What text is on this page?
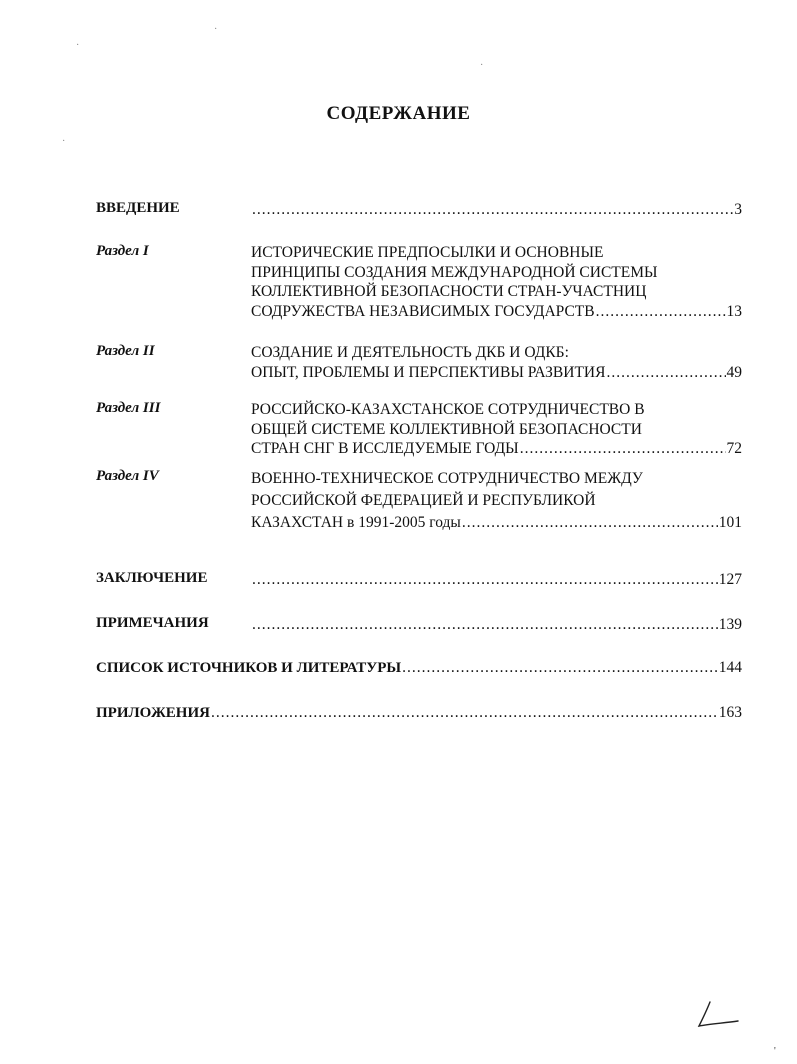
СОДЕРЖАНИЕ
ВВЕДЕНИЕ .....	3
Раздел I	ИСТОРИЧЕСКИЕ ПРЕДПОСЫЛКИ И ОСНОВНЫЕ
ПРИНЦИПЫ СОЗДАНИЯ МЕЖДУНАРОДНОЙ СИСТЕМЫ
КОЛЛЕКТИВНОЙ БЕЗОПАСНОСТИ СТРАН-УЧАСТНИЦ
СОДРУЖЕСТВА НЕЗАВИСИМЫХ ГОСУДАРСТВ .....	13
Раздел II	СОЗДАНИЕ И ДЕЯТЕЛЬНОСТЬ ДКБ И ОДКБ:
ОПЫТ, ПРОБЛЕМЫ И ПЕРСПЕКТИВЫ РАЗВИТИЯ .....	49
Раздел III	РОССИЙСКО-КАЗАХСТАНСКОЕ СОТРУДНИЧЕСТВО В
ОБЩЕЙ СИСТЕМЕ КОЛЛЕКТИВНОЙ БЕЗОПАСНОСТИ
СТРАН СНГ В ИССЛЕДУЕМЫЕ ГОДЫ .....	72
Раздел IV	ВОЕННО-ТЕХНИЧЕСКОЕ СОТРУДНИЧЕСТВО МЕЖДУ
РОССИЙСКОЙ ФЕДЕРАЦИЕЙ И РЕСПУБЛИКОЙ
КАЗАХСТАН в 1991-2005 годы .....	101
ЗАКЛЮЧЕНИЕ .....	127
ПРИМЕЧАНИЯ .....	139
СПИСОК ИСТОЧНИКОВ И ЛИТЕРАТУРЫ .....	144
ПРИЛОЖЕНИЯ .....	163
·
·
·
·
'
